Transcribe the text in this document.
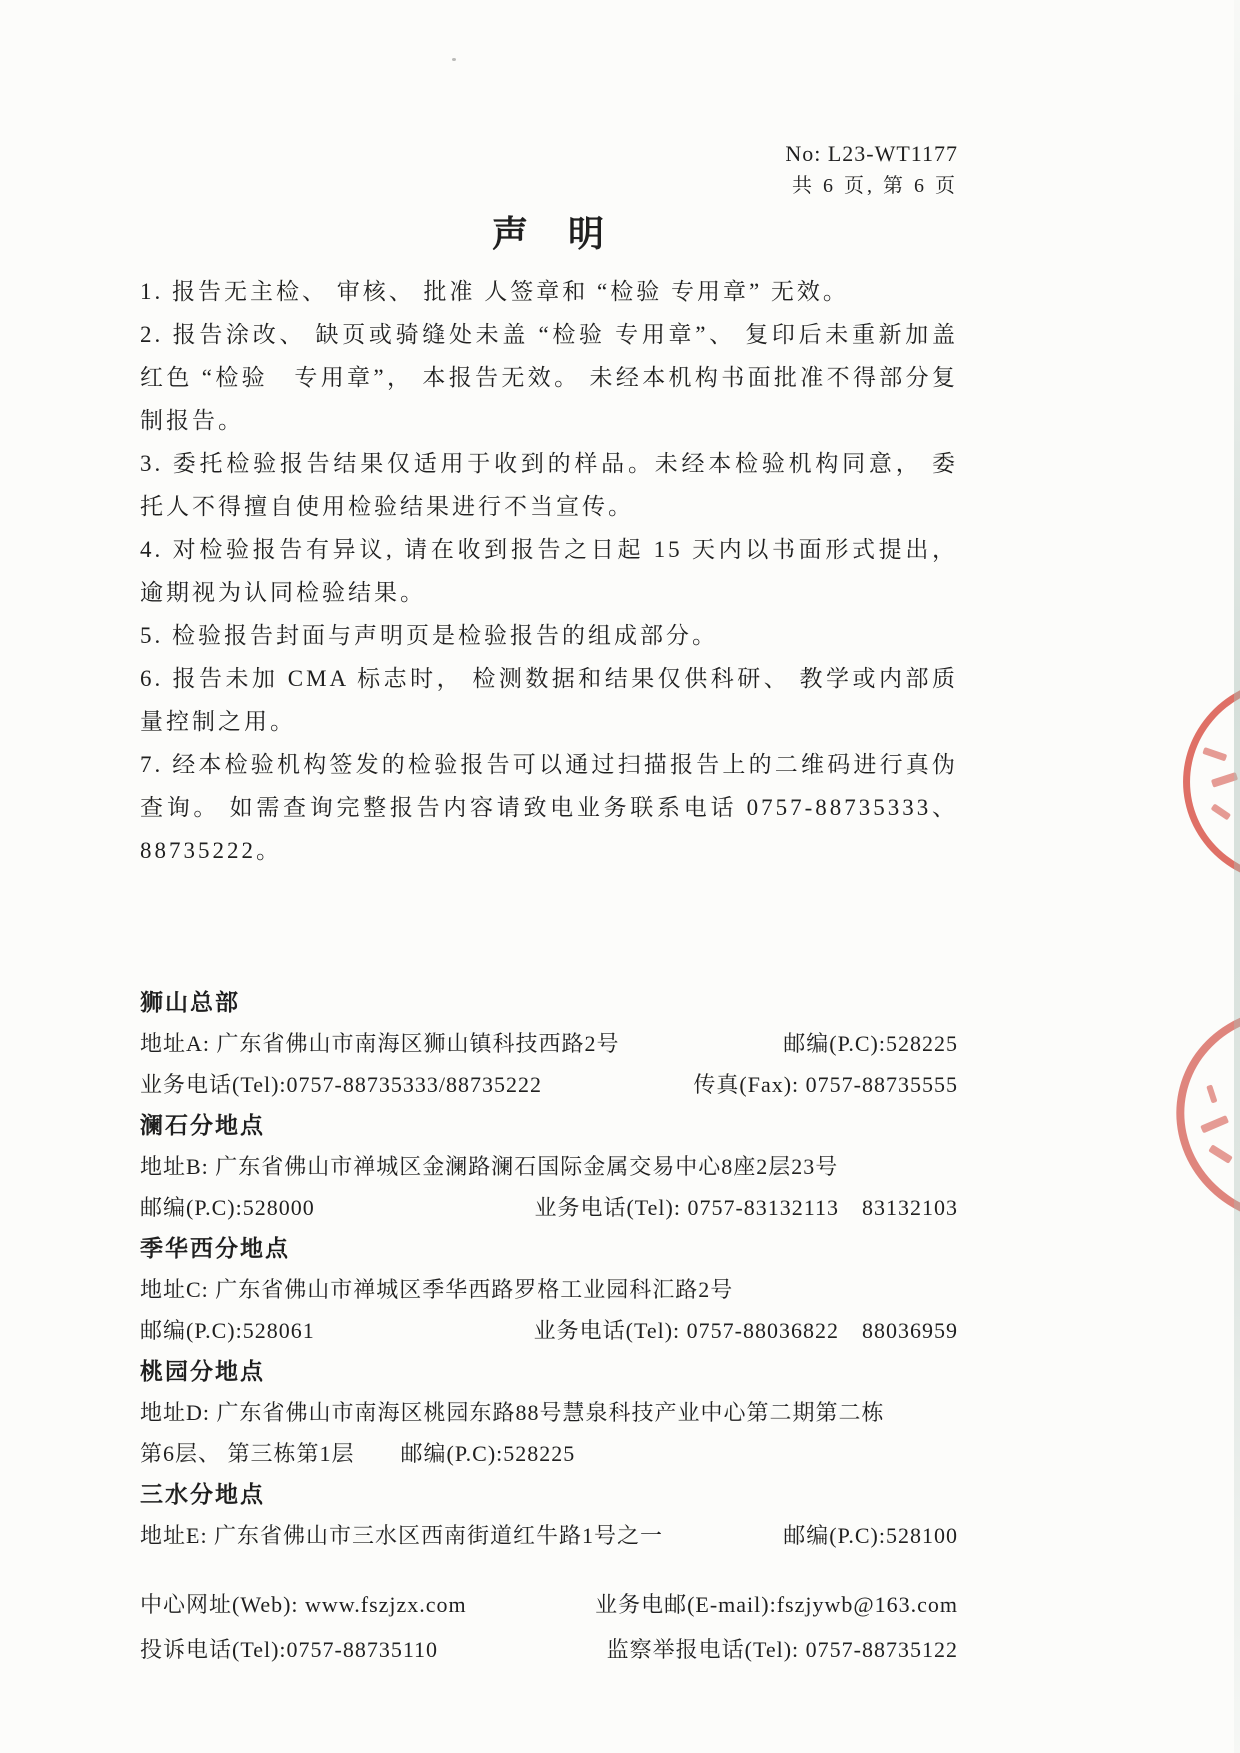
No: L23-WT1177
共 6 页, 第 6 页
声　明

1. 报告无主检、 审核、 批准 人签章和 “检验 专用章” 无效。

2. 报告涂改、 缺页或骑缝处未盖 “检验 专用章”、 复印后未重新加盖红色 “检验　专用章”， 本报告无效。 未经本机构书面批准不得部分复制报告。

3. 委托检验报告结果仅适用于收到的样品。未经本检验机构同意， 委托人不得擅自使用检验结果进行不当宣传。

4. 对检验报告有异议, 请在收到报告之日起 15 天内以书面形式提出， 逾期视为认同检验结果。

5. 检验报告封面与声明页是检验报告的组成部分。

6. 报告未加 CMA 标志时， 检测数据和结果仅供科研、 教学或内部质量控制之用。

7. 经本检验机构签发的检验报告可以通过扫描报告上的二维码进行真伪查询。 如需查询完整报告内容请致电业务联系电话 0757-88735333、 88735222。

狮山总部
地址A: 广东省佛山市南海区狮山镇科技西路2号	邮编(P.C):528225
业务电话(Tel):0757-88735333/88735222	传真(Fax): 0757-88735555
澜石分地点
地址B: 广东省佛山市禅城区金澜路澜石国际金属交易中心8座2层23号
邮编(P.C):528000	业务电话(Tel): 0757-83132113　83132103
季华西分地点
地址C: 广东省佛山市禅城区季华西路罗格工业园科汇路2号
邮编(P.C):528061	业务电话(Tel): 0757-88036822　88036959
桃园分地点
地址D: 广东省佛山市南海区桃园东路88号慧泉科技产业中心第二期第二栋
第6层、 第三栋第1层 邮编(P.C):528225
三水分地点
地址E: 广东省佛山市三水区西南街道红牛路1号之一	邮编(P.C):528100
中心网址(Web): www.fszjzx.com	业务电邮(E-mail):fszjywb@163.com
投诉电话(Tel):0757-88735110	监察举报电话(Tel): 0757-88735122
